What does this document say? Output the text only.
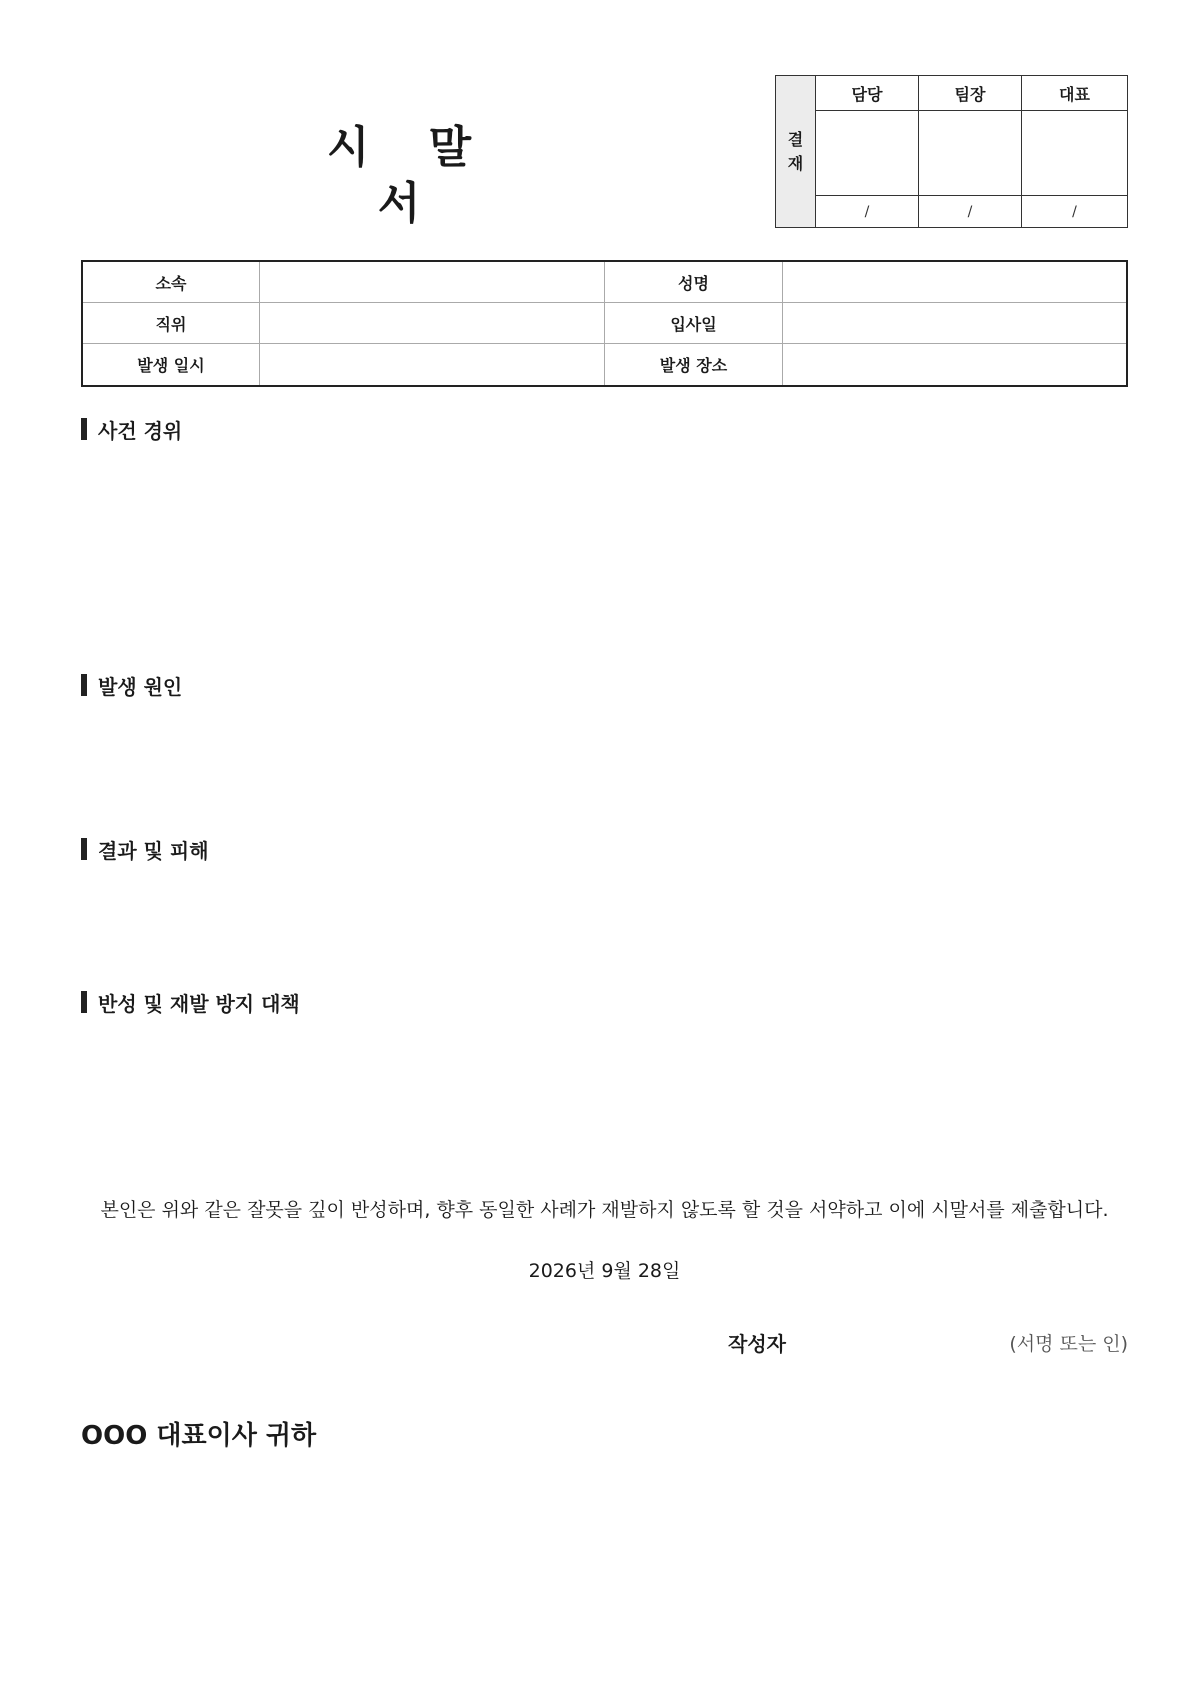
시 말 서
결
재
담당	팀장	대표
/	/	/
소속	성명
직위	입사일
발생 일시	발생 장소
사건 경위
발생 원인
결과 및 피해
반성 및 재발 방지 대책
본인은 위와 같은 잘못을 깊이 반성하며, 향후 동일한 사례가 재발하지 않도록 할 것을 서약하고 이에 시말서를 제출합니다.
2026년 9월 28일
작성자	(서명 또는 인)
OOO 대표이사 귀하
